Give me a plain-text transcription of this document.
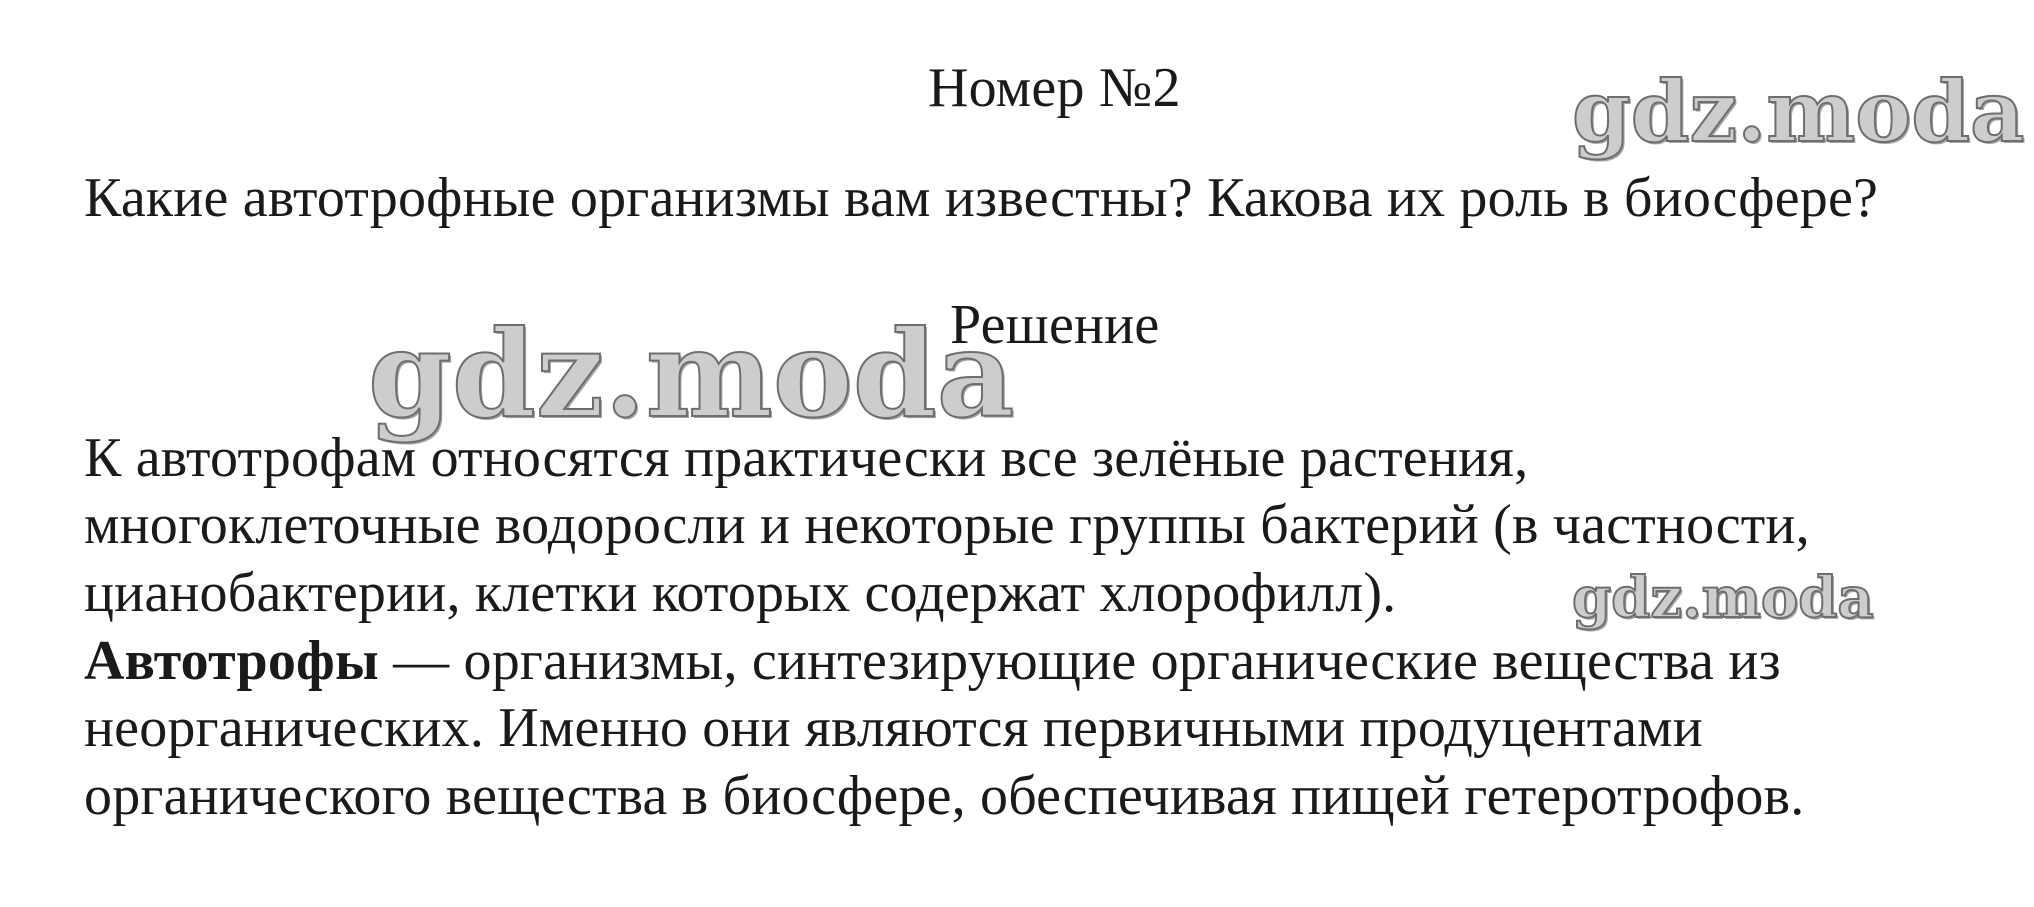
Номер №2	gdz.moda
Какие автотрофные организмы вам известны? Какова их роль в биосфере?
Решение
gdz.moda
К автотрофам относятся практически все зелёные растения,
многоклеточные водоросли и некоторые группы бактерий (в частности,
цианобактерии, клетки которых содержат хлорофилл).	gdz.moda
Автотрофы — организмы, синтезирующие органические вещества из
неорганических. Именно они являются первичными продуцентами
органического вещества в биосфере, обеспечивая пищей гетеротрофов.
